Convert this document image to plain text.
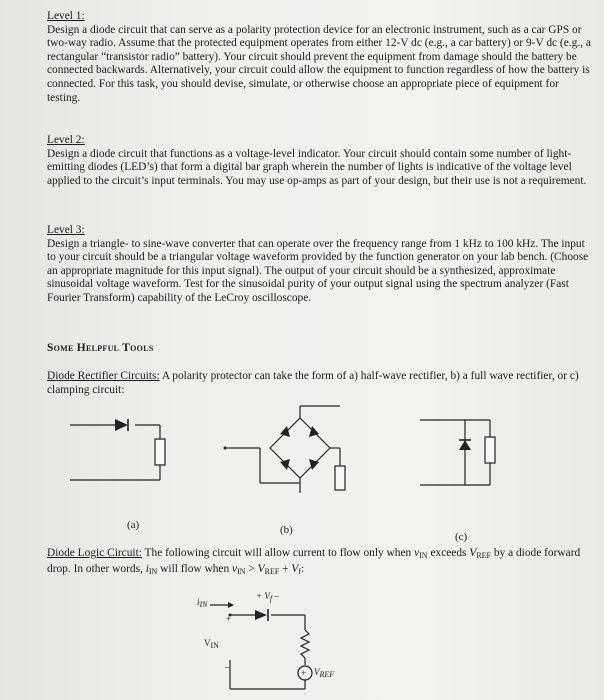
Level 1:
Design a diode circuit that can serve as a polarity protection device for an electronic instrument, such as a car GPS or two-way radio. Assume that the protected equipment operates from either 12-V dc (e.g., a car battery) or 9-V dc (e.g., a rectangular “transistor radio” battery). Your circuit should prevent the equipment from damage should the battery be connected backwards. Alternatively, your circuit could allow the equipment to function regardless of how the battery is connected. For this task, you should devise, simulate, or otherwise choose an appropriate piece of equipment for testing.
Level 2:
Design a diode circuit that functions as a voltage-level indicator. Your circuit should contain some number of light-emitting diodes (LED’s) that form a digital bar graph wherein the number of lights is indicative of the voltage level applied to the circuit’s input terminals. You may use op-amps as part of your design, but their use is not a requirement.
Level 3:
Design a triangle- to sine-wave converter that can operate over the frequency range from 1 kHz to 100 kHz. The input to your circuit should be a triangular voltage waveform provided by the function generator on your lab bench. (Choose an appropriate magnitude for this input signal). The output of your circuit should be a synthesized, approximate sinusoidal voltage waveform. Test for the sinusoidal purity of your output signal using the spectrum analyzer (Fast Fourier Transform) capability of the LeCroy oscilloscope.
Some Helpful Tools
Diode Rectifier Circuits: A polarity protector can take the form of a) half-wave rectifier, b) a full wave rectifier, or c) clamping circuit:
(a)	(b)
(c)
Diode Logic Circuit: The following circuit will allow current to flow only when $v_{IN}$ exceeds $V_{REF}$ by a diode forward drop. In other words, $i_{IN}$ will flow when $v_{IN} > V_{REF} + V_f$:
iIN
+ Vf –
+
VIN
–
+ VREF
